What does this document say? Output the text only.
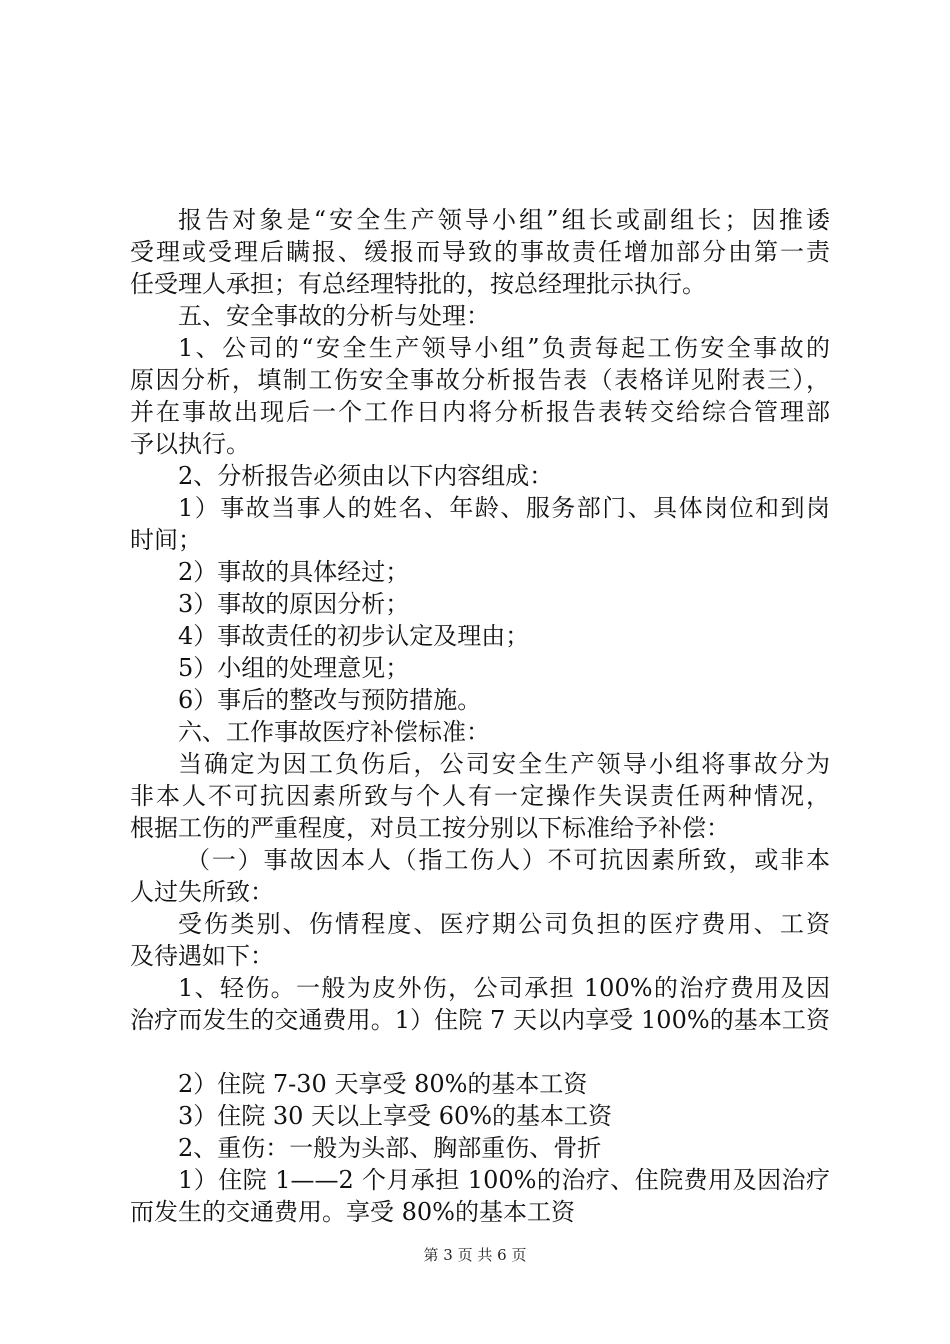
报告对象是“安全生产领导小组”组长或副组长；因推诿
受理或受理后瞒报、缓报而导致的事故责任增加部分由第一责
任受理人承担；有总经理特批的，按总经理批示执行。
五、安全事故的分析与处理：
1、公司的“安全生产领导小组”负责每起工伤安全事故的
原因分析，填制工伤安全事故分析报告表（表格详见附表三），
并在事故出现后一个工作日内将分析报告表转交给综合管理部
予以执行。
2、分析报告必须由以下内容组成：
1）事故当事人的姓名、年龄、服务部门、具体岗位和到岗
时间；
2）事故的具体经过；
3）事故的原因分析；
4）事故责任的初步认定及理由；
5）小组的处理意见；
6）事后的整改与预防措施。
六、工作事故医疗补偿标准：
当确定为因工负伤后，公司安全生产领导小组将事故分为
非本人不可抗因素所致与个人有一定操作失误责任两种情况，
根据工伤的严重程度，对员工按分别以下标准给予补偿：
（一）事故因本人（指工伤人）不可抗因素所致，或非本
人过失所致：
受伤类别、伤情程度、医疗期公司负担的医疗费用、工资
及待遇如下：
1、轻伤。一般为皮外伤，公司承担 100%的治疗费用及因
治疗而发生的交通费用。1）住院 7 天以内享受 100%的基本工资
2）住院 7-30 天享受 80%的基本工资
3）住院 30 天以上享受 60%的基本工资
2、重伤：一般为头部、胸部重伤、骨折
1）住院 1——2 个月承担 100%的治疗、住院费用及因治疗
而发生的交通费用。享受 80%的基本工资
第 3 页 共 6 页
